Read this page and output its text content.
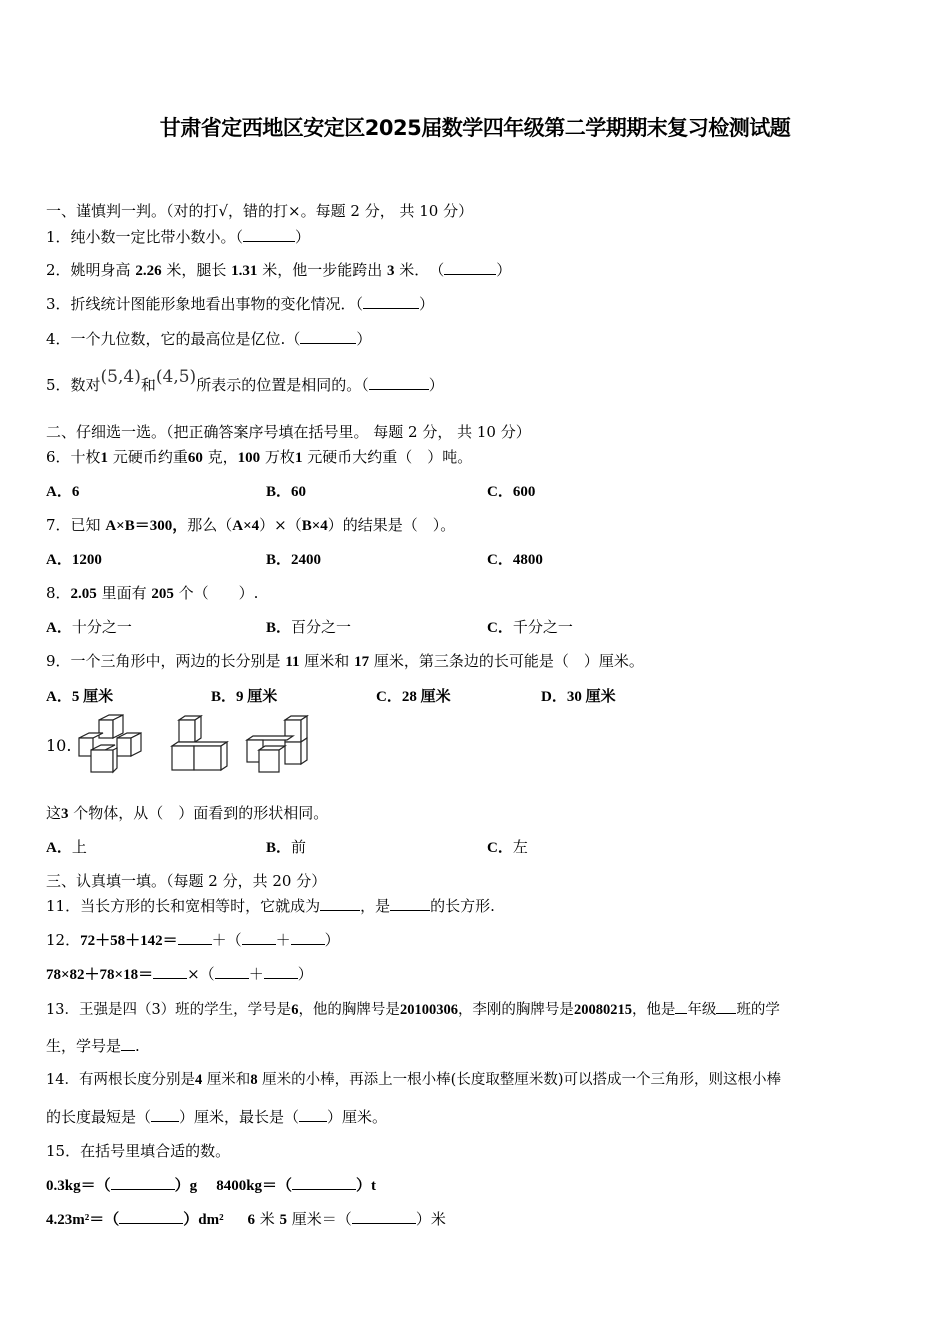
甘肃省定西地区安定区2025届数学四年级第二学期期末复习检测试题
一、谨慎判一判。（对的打√，错的打×。每题 2 分， 共 10 分）
1．纯小数一定比带小数小。（	）
2．姚明身高 2.26 米，腿长 1.31 米，他一步能跨出 3 米．　（	）
3．折线统计图能形象地看出事物的变化情况．（	）
4．一个九位数，它的最高位是亿位.（	）
5．数对(5,4)和(4,5)所表示的位置是相同的。（	）
二、仔细选一选。（把正确答案序号填在括号里。 每题 2 分， 共 10 分）
6．十枚1 元硬币约重60 克，100 万枚1 元硬币大约重（　）吨。
A．6	B．60	C．600
7．已知 A×B＝300，那么（A×4）×（B×4）的结果是（　）。
A．1200	B．2400	C．4800
8．2.05 里面有 205 个（　　）.
A．十分之一	B．百分之一	C．千分之一
9．一个三角形中，两边的长分别是 11 厘米和 17 厘米，第三条边的长可能是（　）厘米。
A．5 厘米	B．9 厘米	C．28 厘米	D．30 厘米
10.
这3 个物体，从（　）面看到的形状相同。
A．上	B．前	C．左
三、认真填一填。（每题 2 分，共 20 分）
11．当长方形的长和宽相等时，它就成为	，是	的长方形.
12．72＋58＋142＝ ＋（ ＋ ）
78×82＋78×18＝ ×（ ＋ ）
13．王强是四（3）班的学生，学号是6，他的胸牌号是20100306，李刚的胸牌号是20080215，他是 年级 班的学
生，学号是 .
14．有两根长度分别是4 厘米和8 厘米的小棒，再添上一根小棒(长度取整厘米数)可以搭成一个三角形，则这根小棒
的长度最短是（ ）厘米，最长是（ ）厘米。
15．在括号里填合适的数。
0.3kg＝（	）g 8400kg＝（	）t
4.23m²＝（	）dm² 6 米 5 厘米＝（	）米
